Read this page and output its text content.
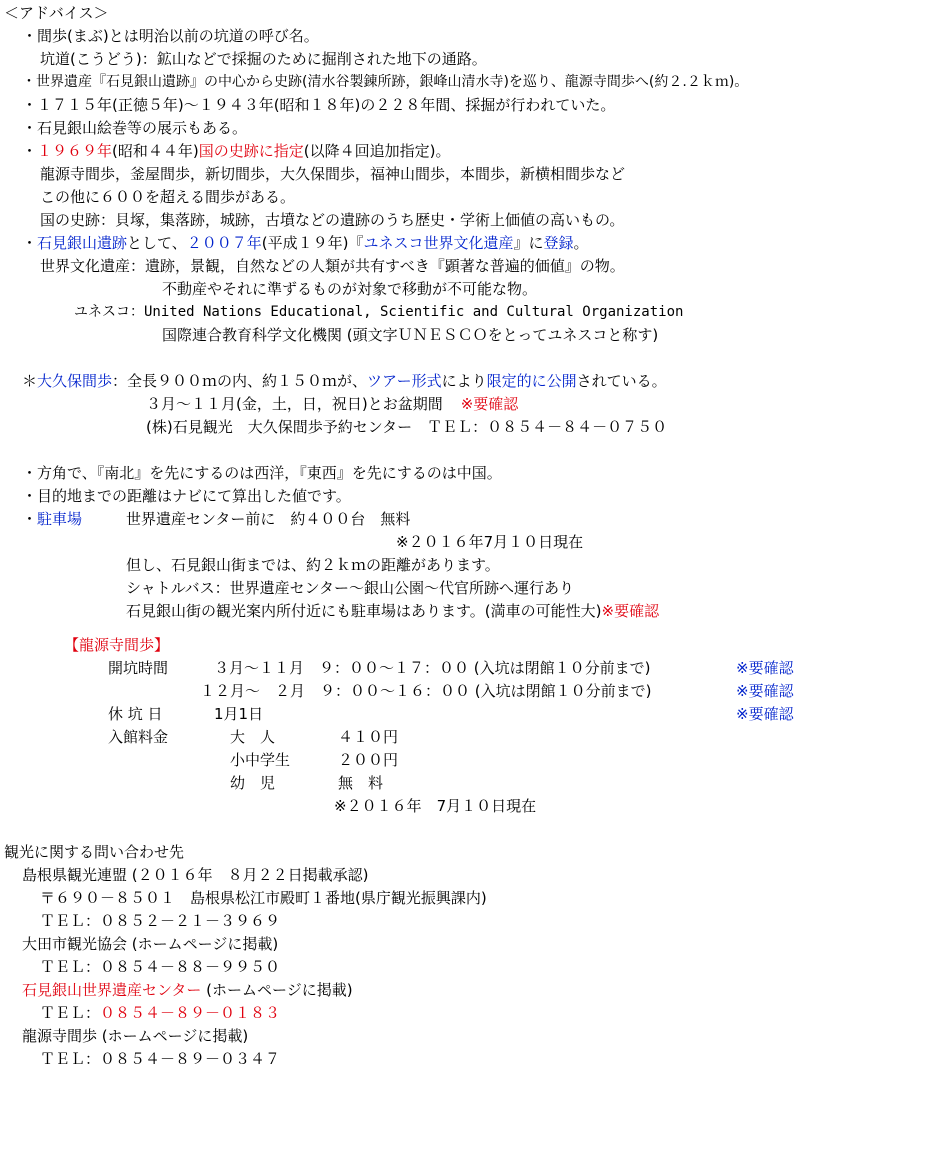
＜アドバイス＞
・間歩(まぶ)とは明治以前の坑道の呼び名。
坑道(こうどう)：鉱山などで採掘のために掘削された地下の通路。
・世界遺産『石見銀山遺跡』の中心から史跡(清水谷製錬所跡，銀峰山清水寺)を巡り、龍源寺間歩へ(約２.２ｋｍ)。
・１７１５年(正徳５年)～１９４３年(昭和１８年)の２２８年間、採掘が行われていた。
・石見銀山絵巻等の展示もある。
・１９６９年(昭和４４年)国の史跡に指定(以降４回追加指定)。
龍源寺間歩，釜屋間歩，新切間歩，大久保間歩，福神山間歩，本間歩，新横相間歩など
この他に６００を超える間歩がある。
国の史跡：貝塚，集落跡，城跡，古墳などの遺跡のうち歴史・学術上価値の高いもの。
・石見銀山遺跡として、２００７年(平成１９年)『ユネスコ世界文化遺産』に登録。
世界文化遺産：遺跡，景観，自然などの人類が共有すべき『顕著な普遍的価値』の物。
不動産やそれに準ずるものが対象で移動が不可能な物。
ユネスコ：United Nations Educational, Scientific and Cultural Organization
国際連合教育科学文化機関 (頭文字ＵＮＥＳＣＯをとってユネスコと称す)
＊大久保間歩：全長９００ｍの内、約１５０ｍが、ツアー形式により限定的に公開されている。
３月～１１月(金，土，日，祝日)とお盆期間 ※要確認
(株)石見観光　大久保間歩予約センター　ＴＥＬ：０８５４－８４－０７５０
・方角で、『南北』を先にするのは西洋，『東西』を先にするのは中国。
・目的地までの距離はナビにて算出した値です。
・駐車場	世界遺産センター前に　約４００台　無料
※２０１６年7月１０日現在
但し、石見銀山街までは、約２ｋｍの距離があります。
シャトルバス：世界遺産センター～銀山公園～代官所跡へ運行あり
石見銀山街の観光案内所付近にも駐車場はあります。(満車の可能性大)※要確認
【龍源寺間歩】
開坑時間	３月～１１月　９：００～１７：００ (入坑は閉館１０分前まで)	※要確認
１２月～　２月　９：００～１６：００ (入坑は閉館１０分前まで)	※要確認
休 坑 日	1月1日	※要確認
入館料金	大　人	４１０円
小中学生	２００円
幼　児	無　料
※２０１６年　7月１０日現在
観光に関する問い合わせ先
島根県観光連盟 (２０１６年　８月２２日掲載承認)
〒６９０－８５０１　島根県松江市殿町１番地(県庁観光振興課内)
ＴＥＬ：０８５２－２１－３９６９
大田市観光協会 (ホームページに掲載)
ＴＥＬ：０８５４－８８－９９５０
石見銀山世界遺産センター (ホームページに掲載)
ＴＥＬ：０８５４－８９－０１８３
龍源寺間歩 (ホームページに掲載)
ＴＥＬ：０８５４－８９－０３４７
